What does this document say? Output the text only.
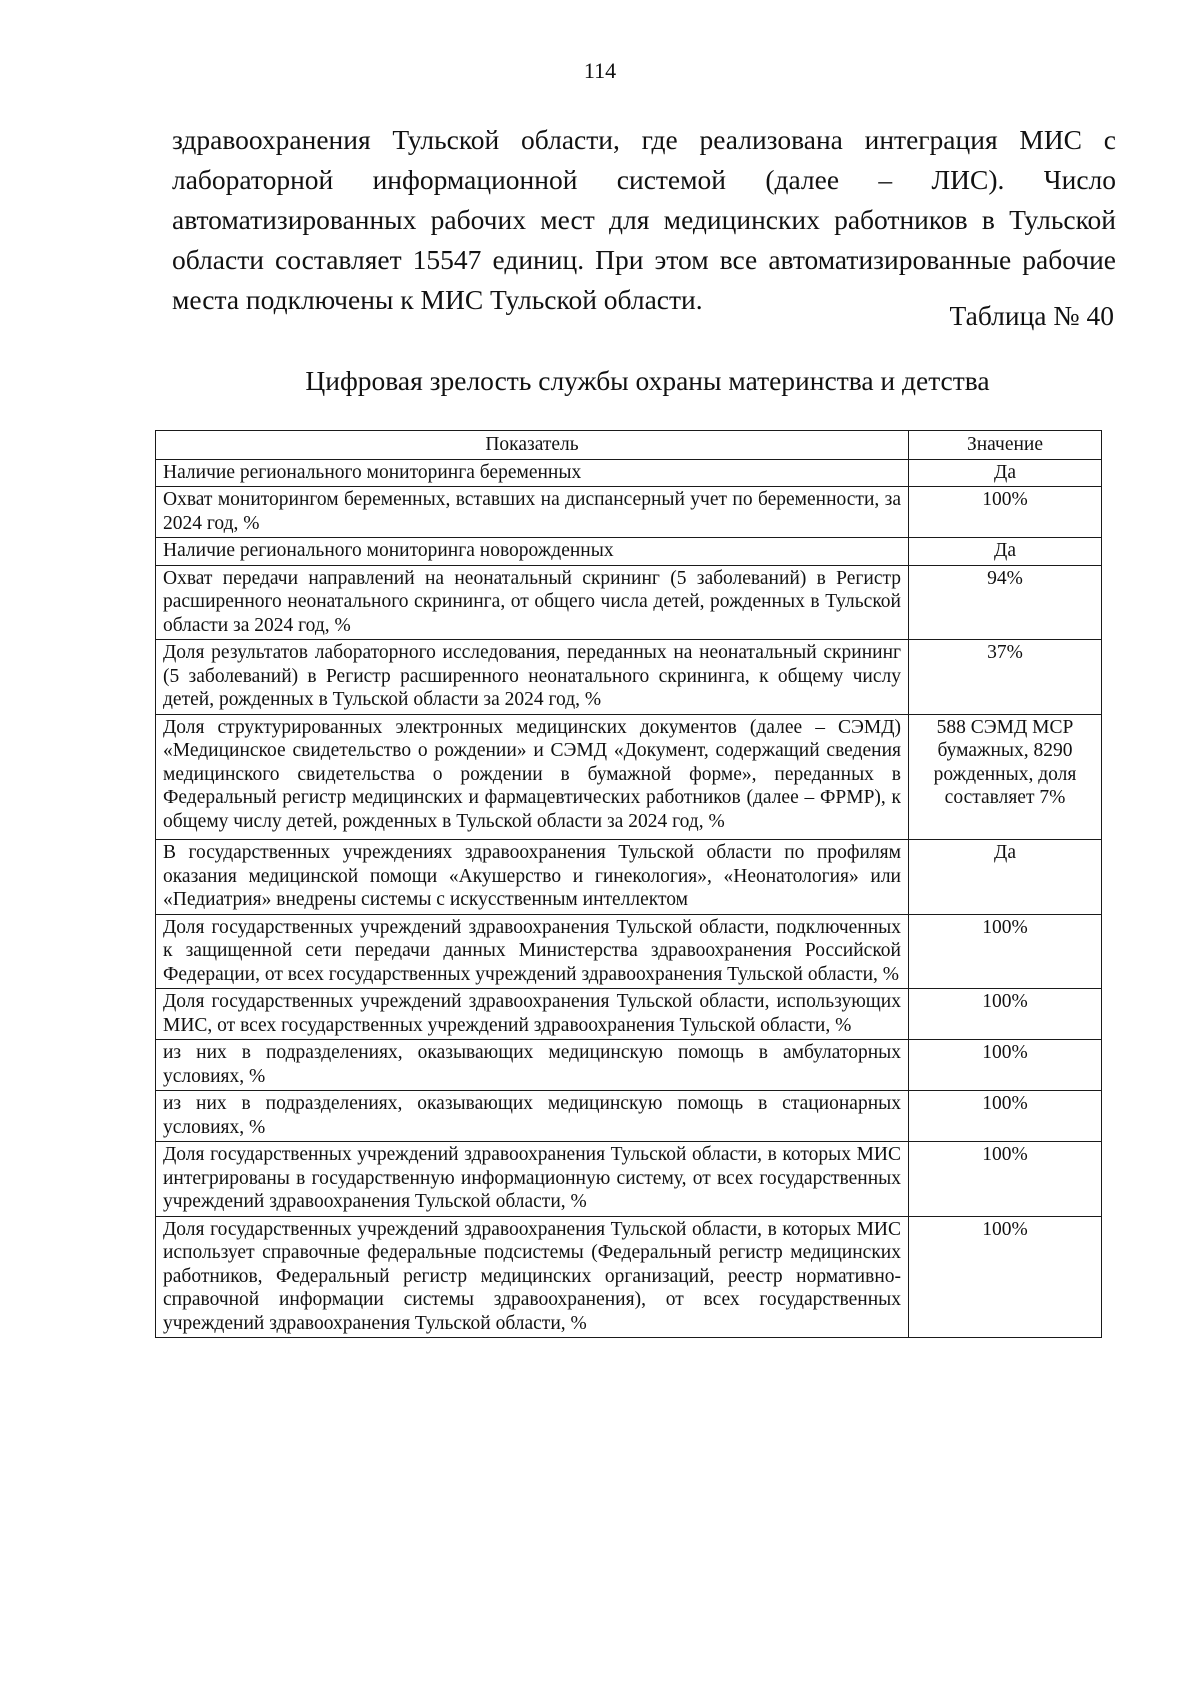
114

здравоохранения Тульской области, где реализована интеграция МИС с лабораторной информационной системой (далее – ЛИС). Число автоматизированных рабочих мест для медицинских работников в Тульской области составляет 15547 единиц. При этом все автоматизированные рабочие места подключены к МИС Тульской области.

Таблица № 40
Цифровая зрелость службы охраны материнства и детства
Показатель	Значение
Наличие регионального мониторинга беременных	Да
Охват мониторингом беременных, вставших на диспансерный учет по беременности, за 2024 год, %	100%
Наличие регионального мониторинга новорожденных	Да
Охват передачи направлений на неонатальный скрининг (5 заболеваний) в Регистр расширенного неонатального скрининга, от общего числа детей, рожденных в Тульской области за 2024 год, %	94%
Доля результатов лабораторного исследования, переданных на неонатальный скрининг (5 заболеваний) в Регистр расширенного неонатального скрининга, к общему числу детей, рожденных в Тульской области за 2024 год, %	37%
Доля структурированных электронных медицинских документов (далее – СЭМД) «Медицинское свидетельство о рождении» и СЭМД «Документ, содержащий сведения медицинского свидетельства о рождении в бумажной форме», переданных в Федеральный регистр медицинских и фармацевтических работников (далее – ФРМР), к общему числу детей, рожденных в Тульской области за 2024 год, %	588 СЭМД МСР бумажных, 8290 рожденных, доля составляет 7%
В государственных учреждениях здравоохранения Тульской области по профилям оказания медицинской помощи «Акушерство и гинекология», «Неонатология» или «Педиатрия» внедрены системы с искусственным интеллектом	Да
Доля государственных учреждений здравоохранения Тульской области, подключенных к защищенной сети передачи данных Министерства здравоохранения Российской Федерации, от всех государственных учреждений здравоохранения Тульской области, %	100%
Доля государственных учреждений здравоохранения Тульской области, использующих МИС, от всех государственных учреждений здравоохранения Тульской области, %	100%
из них в подразделениях, оказывающих медицинскую помощь в амбулаторных условиях, %	100%
из них в подразделениях, оказывающих медицинскую помощь в стационарных условиях, %	100%
Доля государственных учреждений здравоохранения Тульской области, в которых МИС интегрированы в государственную информационную систему, от всех государственных учреждений здравоохранения Тульской области, %	100%
Доля государственных учреждений здравоохранения Тульской области, в которых МИС использует справочные федеральные подсистемы (Федеральный регистр медицинских работников, Федеральный регистр медицинских организаций, реестр нормативно-справочной информации системы здравоохранения), от всех государственных учреждений здравоохранения Тульской области, %	100%
